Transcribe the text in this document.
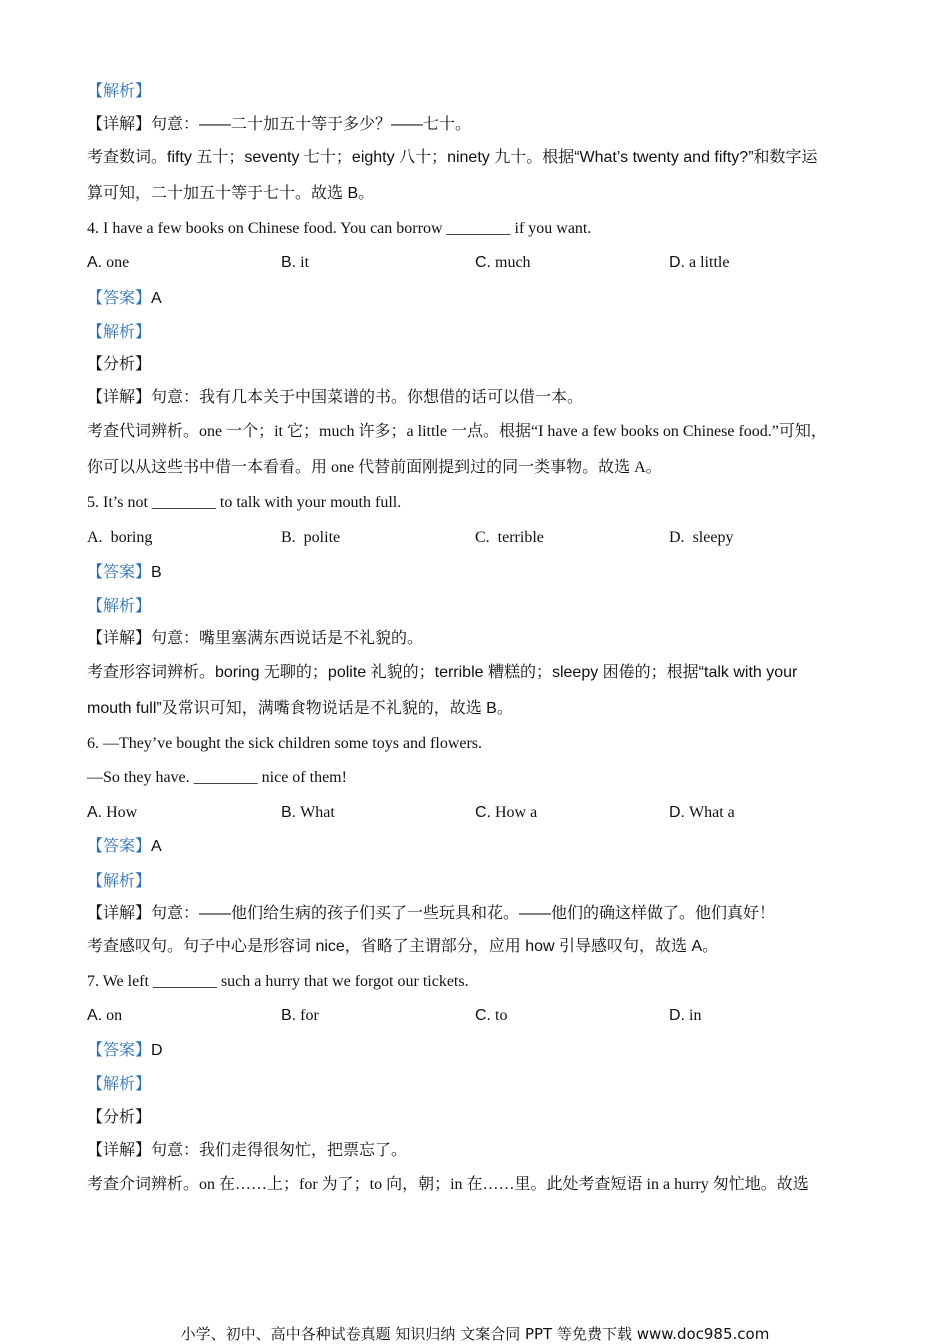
【解析】
【详解】句意：——二十加五十等于多少？——七十。
考查数词。fifty 五十；seventy 七十；eighty 八十；ninety 九十。根据“What’s twenty and fifty?”和数字运
算可知，二十加五十等于七十。故选 B。
4. I have a few books on Chinese food. You can borrow ________ if you want.
A. one	B. it	C. much	D. a little
【答案】A
【解析】
【分析】
【详解】句意：我有几本关于中国菜谱的书。你想借的话可以借一本。
考查代词辨析。one 一个；it 它；much 许多；a little 一点。根据“I have a few books on Chinese food.”可知，
你可以从这些书中借一本看看。用 one 代替前面刚提到过的同一类事物。故选 A。
5. It’s not ________ to talk with your mouth full.
A. boring	B. polite	C. terrible	D. sleepy
【答案】B
【解析】
【详解】句意：嘴里塞满东西说话是不礼貌的。
考查形容词辨析。boring 无聊的；polite 礼貌的；terrible 糟糕的；sleepy 困倦的；根据“talk with your
mouth full”及常识可知，满嘴食物说话是不礼貌的，故选 B。
6. —They’ve bought the sick children some toys and flowers.
—So they have. ________ nice of them!
A. How	B. What	C. How a	D. What a
【答案】A
【解析】
【详解】句意：——他们给生病的孩子们买了一些玩具和花。——他们的确这样做了。他们真好！
考查感叹句。句子中心是形容词 nice，省略了主谓部分，应用 how 引导感叹句，故选 A。
7. We left ________ such a hurry that we forgot our tickets.
A. on	B. for	C. to	D. in
【答案】D
【解析】
【分析】
【详解】句意：我们走得很匆忙，把票忘了。
考查介词辨析。on 在……上；for 为了；to 向，朝；in 在……里。此处考查短语 in a hurry 匆忙地。故选
小学、初中、高中各种试卷真题 知识归纳 文案合同 PPT 等免费下载 www.doc985.com
